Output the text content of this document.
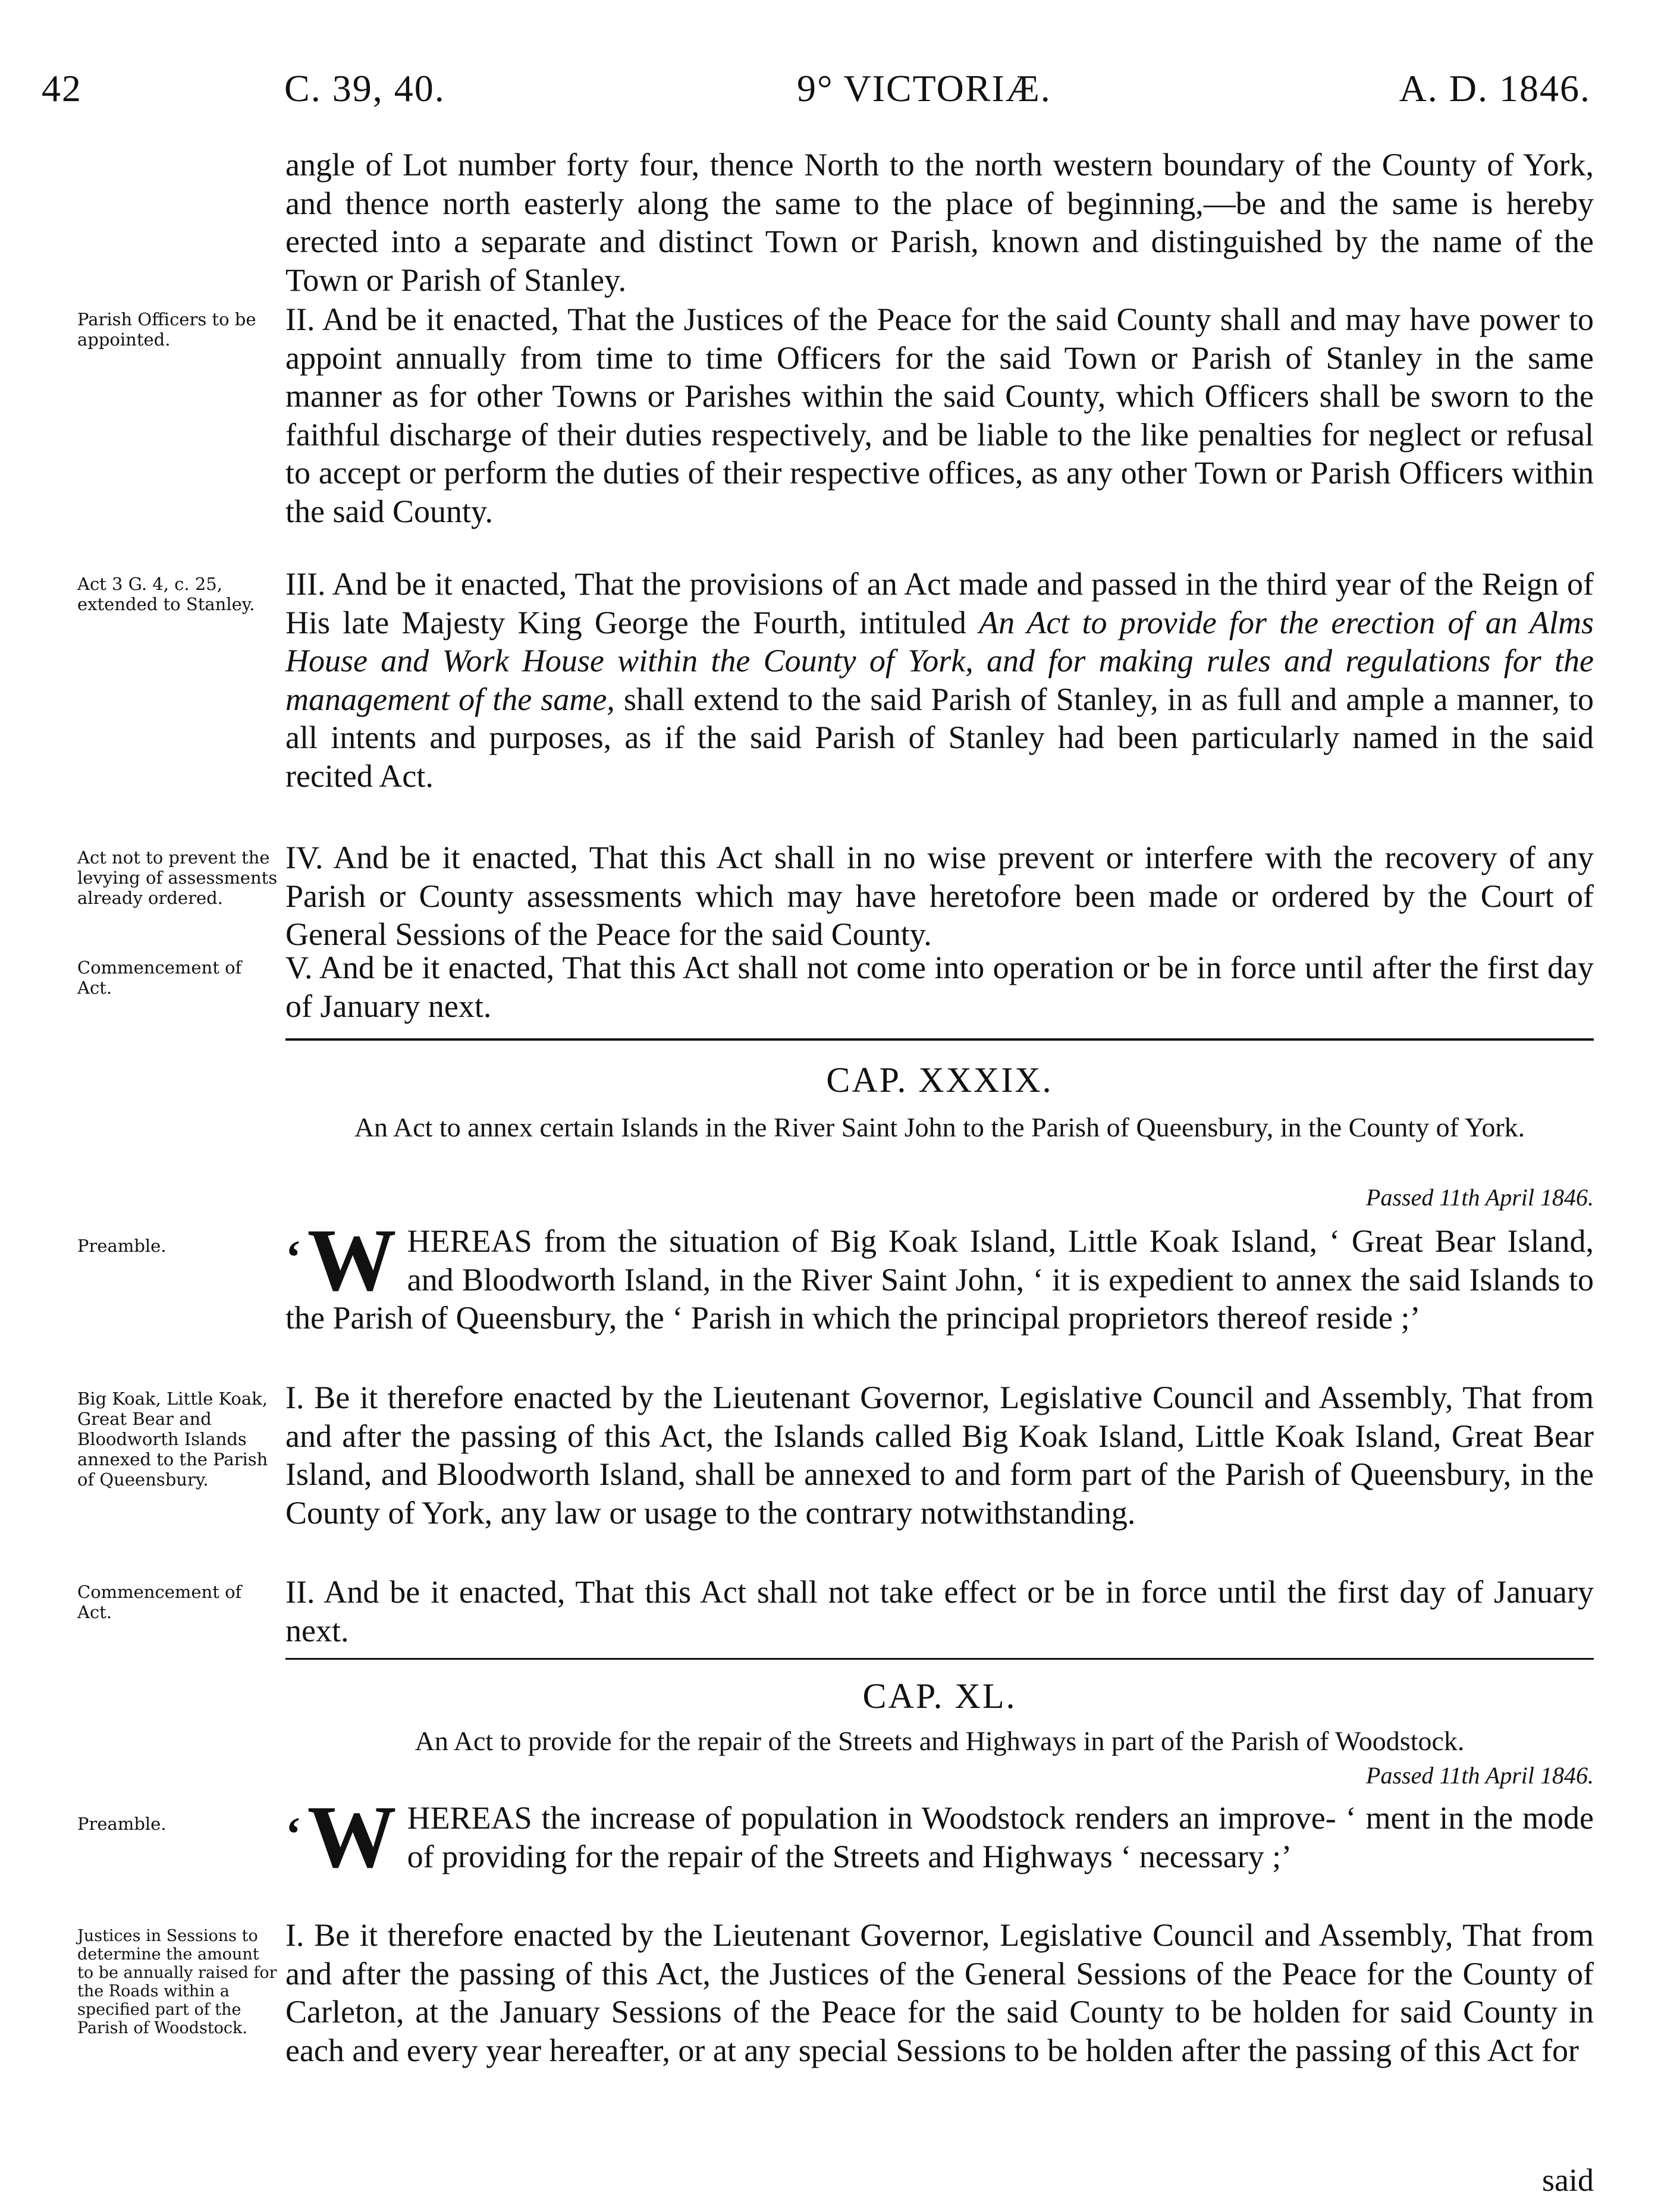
42	C. 39, 40.	9° VICTORIÆ.	A. D. 1846.

angle of Lot number forty four, thence North to the north western boundary of the County of York, and thence north easterly along the same to the place of beginning,—be and the same is hereby erected into a separate and distinct Town or Parish, known and distinguished by the name of the Town or Parish of Stanley.

Parish Officers to be appointed.

II. And be it enacted, That the Justices of the Peace for the said County shall and may have power to appoint annually from time to time Officers for the said Town or Parish of Stanley in the same manner as for other Towns or Parishes within the said County, which Officers shall be sworn to the faithful discharge of their duties respectively, and be liable to the like penalties for neglect or refusal to accept or perform the duties of their respective offices, as any other Town or Parish Officers within the said County.

Act 3 G. 4, c. 25, extended to Stanley.

III. And be it enacted, That the provisions of an Act made and passed in the third year of the Reign of His late Majesty King George the Fourth, intituled An Act to provide for the erection of an Alms House and Work House within the County of York, and for making rules and regulations for the management of the same, shall extend to the said Parish of Stanley, in as full and ample a manner, to all intents and purposes, as if the said Parish of Stanley had been particularly named in the said recited Act.

Act not to prevent the levying of assessments already ordered.

IV. And be it enacted, That this Act shall in no wise prevent or interfere with the recovery of any Parish or County assessments which may have heretofore been made or ordered by the Court of General Sessions of the Peace for the said County.

Commencement of Act.

V. And be it enacted, That this Act shall not come into operation or be in force until after the first day of January next.

CAP. XXXIX.
An Act to annex certain Islands in the River Saint John to the Parish of Queensbury, in the County of York.
Passed 11th April 1846.

Preamble.	‘ W HEREAS from the situation of Big Koak Island, Little Koak Island, ‘ Great Bear Island, and Bloodworth Island, in the River Saint John, ‘ it is expedient to annex the said Islands to the Parish of Queensbury, the ‘ Parish in which the principal proprietors thereof reside ;’

Big Koak, Little Koak, Great Bear and Bloodworth Islands annexed to the Parish of Queensbury.

I. Be it therefore enacted by the Lieutenant Governor, Legislative Council and Assembly, That from and after the passing of this Act, the Islands called Big Koak Island, Little Koak Island, Great Bear Island, and Bloodworth Island, shall be annexed to and form part of the Parish of Queensbury, in the County of York, any law or usage to the contrary notwithstanding.

Commencement of Act.

II. And be it enacted, That this Act shall not take effect or be in force until the first day of January next.

CAP. XL.
An Act to provide for the repair of the Streets and Highways in part of the Parish of Woodstock.
Passed 11th April 1846.

Preamble.	‘ W HEREAS the increase of population in Woodstock renders an improve- ‘ ment in the mode of providing for the repair of the Streets and Highways ‘ necessary ;’

Justices in Sessions to determine the amount to be annually raised for the Roads within a specified part of the Parish of Woodstock.

I. Be it therefore enacted by the Lieutenant Governor, Legislative Council and Assembly, That from and after the passing of this Act, the Justices of the General Sessions of the Peace for the County of Carleton, at the January Sessions of the Peace for the said County to be holden for said County in each and every year hereafter, or at any special Sessions to be holden after the passing of this Act for

said
